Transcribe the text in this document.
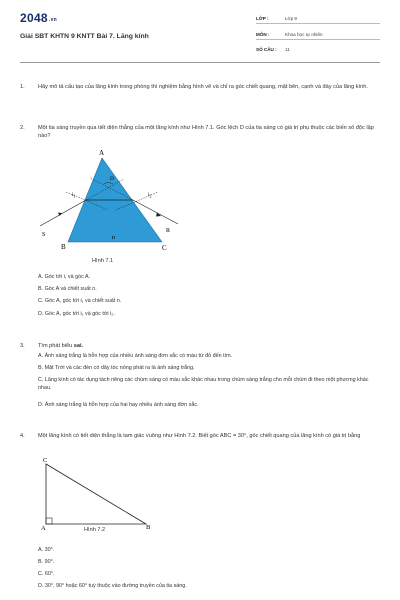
$2048^{.vn}$
Giải SBT KHTN 9 KNTT Bài 7. Lăng kính
LỚP :	Lớp 9
MÔN :	Khoa học tự nhiên
SỐ CÂU : 11
1. Hãy mô tả cấu tạo của lăng kính trong phòng thí nghiệm bằng hình vẽ và chỉ ra góc chiết quang, mặt bên, cạnh và đáy của lăng kính.
2. Một tia sáng truyền qua tiết diện thẳng của một lăng kính như Hình 7.1. Góc lệch D của tia sáng có giá trị phụ thuộc các biến số độc lập nào?
A
B	C
S
R
n
D
$i_1$	$i_2$
Hình 7.1
A. Góc tới i, và góc A.
B. Góc A và chiết suất n.
C. Góc A, góc tới i₁ và chiết suất n.
D. Góc A, góc tới i₁ và góc tới i₂.
3. Tìm phát biểu sai.
A. Ánh sáng trắng là hỗn hợp của nhiều ánh sáng đơn sắc có màu từ đỏ đến tím.
B. Mặt Trời và các đèn có dây tóc nóng phát ra là ánh sáng trắng.
C. Lăng kính có tác dụng tách riêng các chùm sáng có màu sắc khác nhau trong chùm sáng trắng cho mỗi chùm đi theo một phương khác nhau.
D. Ánh sáng trắng là hỗn hợp của hai hay nhiều ánh sáng đơn sắc.
4. Một lăng kính có tiết diện thẳng là tam giác vuông như Hình 7.2. Biết góc ABC = 30°, góc chiết quang của lăng kính có giá trị bằng
C
A	B
Hình 7.2
A. 30°.
B. 90°.
C. 60°.
D. 30°, 90° hoặc 60° tuỳ thuộc vào đường truyền của tia sáng.
